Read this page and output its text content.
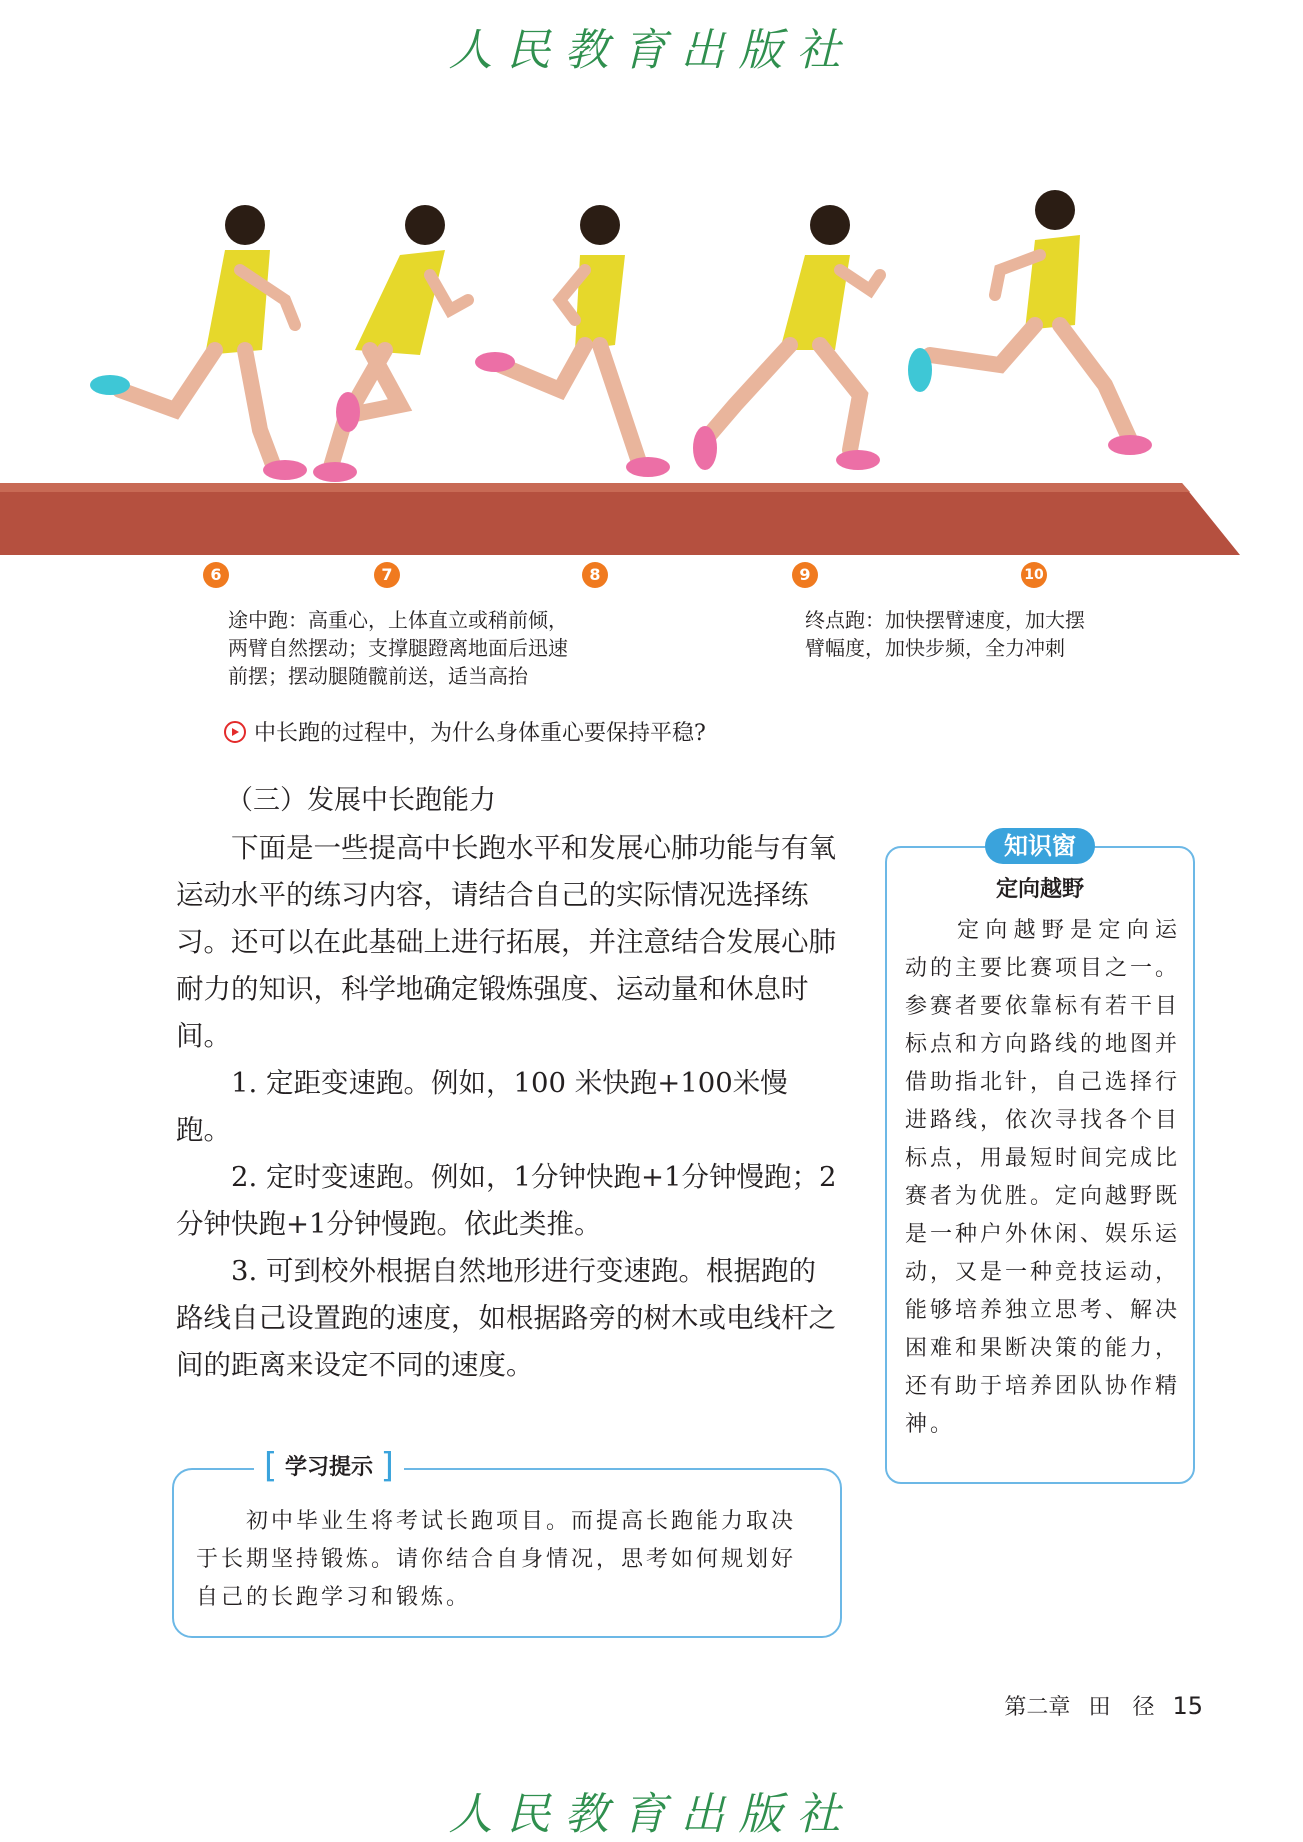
人民教育出版社
6	7	8	9	10
途中跑：高重心，上体直立或稍前倾，
两臂自然摆动；支撑腿蹬离地面后迅速
前摆；摆动腿随髋前送，适当高抬
终点跑：加快摆臂速度，加大摆
臂幅度，加快步频，全力冲刺
中长跑的过程中，为什么身体重心要保持平稳?
（三）发展中长跑能力

下面是一些提高中长跑水平和发展心肺功能与有氧运动水平的练习内容，请结合自己的实际情况选择练习。还可以在此基础上进行拓展，并注意结合发展心肺耐力的知识，科学地确定锻炼强度、运动量和休息时间。

1. 定距变速跑。例如，100 米快跑+100米慢跑。

2. 定时变速跑。例如，1分钟快跑+1分钟慢跑；2分钟快跑+1分钟慢跑。依此类推。

3. 可到校外根据自然地形进行变速跑。根据跑的路线自己设置跑的速度，如根据路旁的树木或电线杆之间的距离来设定不同的速度。

知识窗
定向越野
定向越野是定向运动的主要比赛项目之一。参赛者要依靠标有若干目标点和方向路线的地图并借助指北针，自己选择行进路线，依次寻找各个目标点，用最短时间完成比赛者为优胜。定向越野既是一种户外休闲、娱乐运动，又是一种竞技运动，能够培养独立思考、解决困难和果断决策的能力，还有助于培养团队协作精神。
[ 学习提示 ]
初中毕业生将考试长跑项目。而提高长跑能力取决于长期坚持锻炼。请你结合自身情况，思考如何规划好自己的长跑学习和锻炼。
第二章 田　径 15
人民教育出版社
